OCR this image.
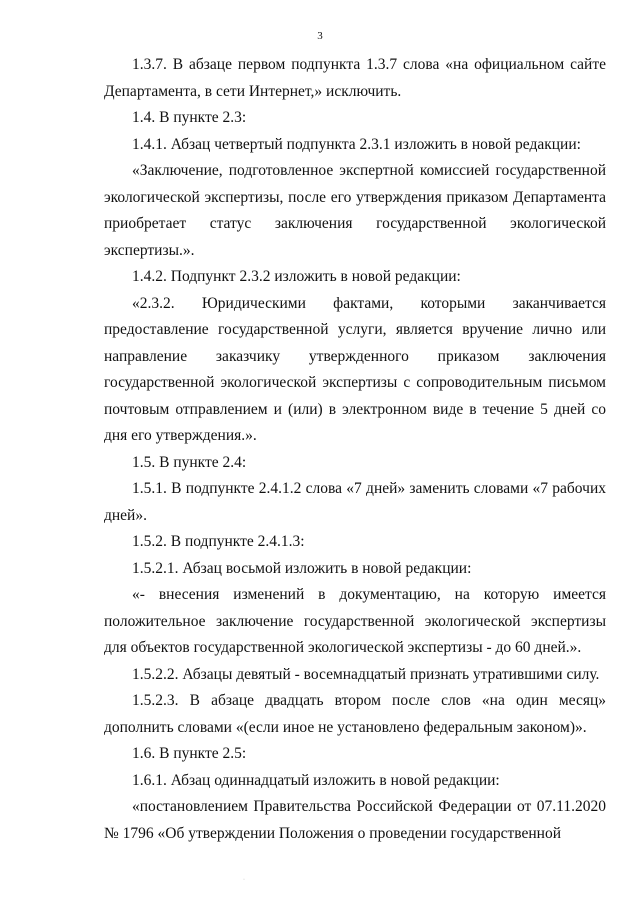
3

1.3.7. В абзаце первом подпункта 1.3.7 слова «на официальном сайте Департамента, в сети Интернет,» исключить.

1.4. В пункте 2.3:

1.4.1. Абзац четвертый подпункта 2.3.1 изложить в новой редакции:

«Заключение, подготовленное экспертной комиссией государственной экологической экспертизы, после его утверждения приказом Департамента приобретает статус заключения государственной экологической экспертизы.».

1.4.2. Подпункт 2.3.2 изложить в новой редакции:

«2.3.2. Юридическими фактами, которыми заканчивается предоставление государственной услуги, является вручение лично или направление заказчику утвержденного приказом заключения государственной экологической экспертизы с сопроводительным письмом почтовым отправлением и (или) в электронном виде в течение 5 дней со дня его утверждения.».

1.5. В пункте 2.4:

1.5.1. В подпункте 2.4.1.2 слова «7 дней» заменить словами «7 рабочих дней».

1.5.2. В подпункте 2.4.1.3:

1.5.2.1. Абзац восьмой изложить в новой редакции:

«- внесения изменений в документацию, на которую имеется положительное заключение государственной экологической экспертизы для объектов государственной экологической экспертизы - до 60 дней.».

1.5.2.2. Абзацы девятый - восемнадцатый признать утратившими силу.

1.5.2.3. В абзаце двадцать втором после слов «на один месяц» дополнить словами «(если иное не установлено федеральным законом)».

1.6. В пункте 2.5:

1.6.1. Абзац одиннадцатый изложить в новой редакции:

«постановлением Правительства Российской Федерации от 07.11.2020 № 1796 «Об утверждении Положения о проведении государственной

·
